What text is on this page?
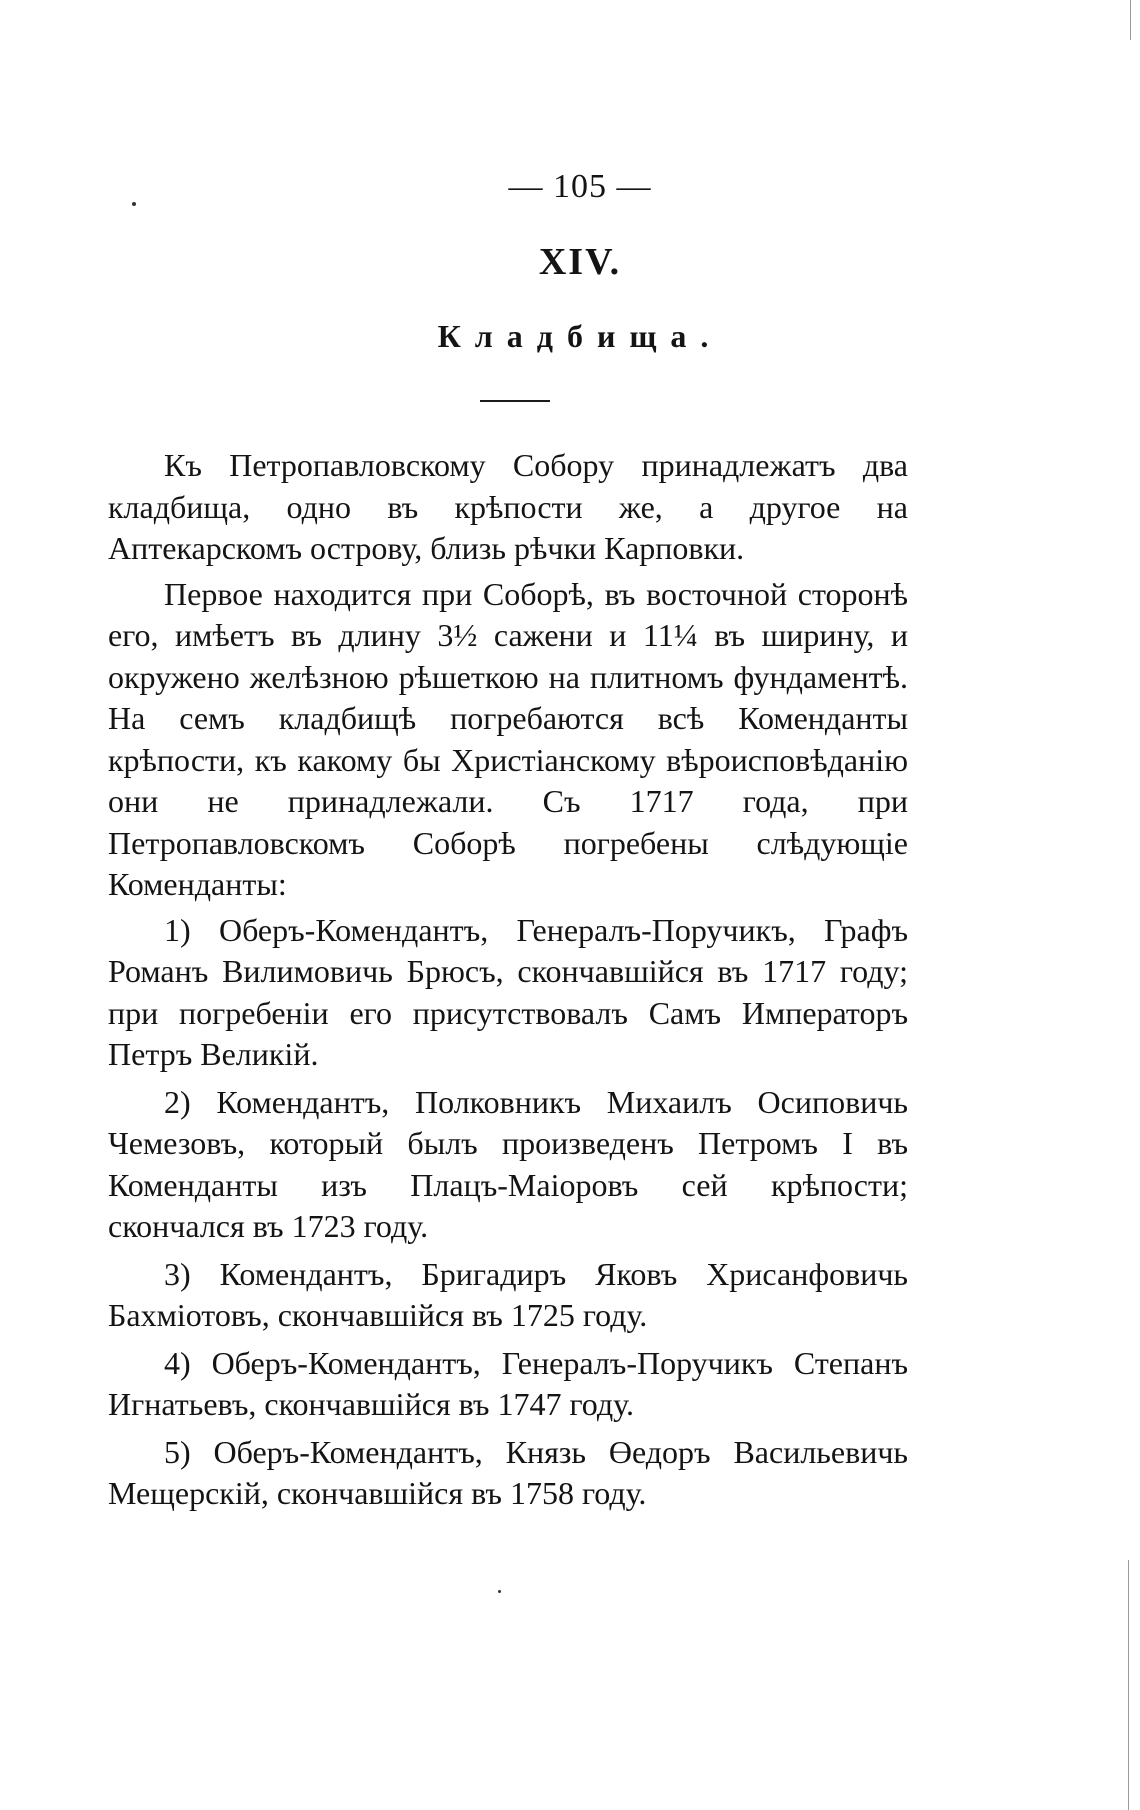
— 105 —
XIV.
Кладбища.

Къ Петропавловскому Собору принадлежатъ два кладбища, одно въ крѣпости же, а другое на Аптекарскомъ острову, близь рѣчки Карповки.

Первое находится при Соборѣ, въ восточной сторонѣ его, имѣетъ въ длину 3½ сажени и 11¼ въ ширину, и окружено желѣзною рѣшеткою на плитномъ фундаментѣ. На семъ кладбищѣ погребаются всѣ Коменданты крѣпости, къ какому бы Христіанскому вѣроисповѣданію они не принадлежали. Съ 1717 года, при Петропавловскомъ Соборѣ погребены слѣдующіе Коменданты:

1) Оберъ-Комендантъ, Генералъ-Поручикъ, Графъ Романъ Вилимовичь Брюсъ, скончавшійся въ 1717 году; при погребеніи его присутствовалъ Самъ Императоръ Петръ Великій.

2) Комендантъ, Полковникъ Михаилъ Осиповичь Чемезовъ, который былъ произведенъ Петромъ I въ Коменданты изъ Плацъ-Маіоровъ сей крѣпости; скончался въ 1723 году.

3) Комендантъ, Бригадиръ Яковъ Хрисанфовичь Бахміотовъ, скончавшійся въ 1725 году.

4) Оберъ-Комендантъ, Генералъ-Поручикъ Степанъ Игнатьевъ, скончавшійся въ 1747 году.

5) Оберъ-Комендантъ, Князь Өедоръ Васильевичь Мещерскій, скончавшійся въ 1758 году.
